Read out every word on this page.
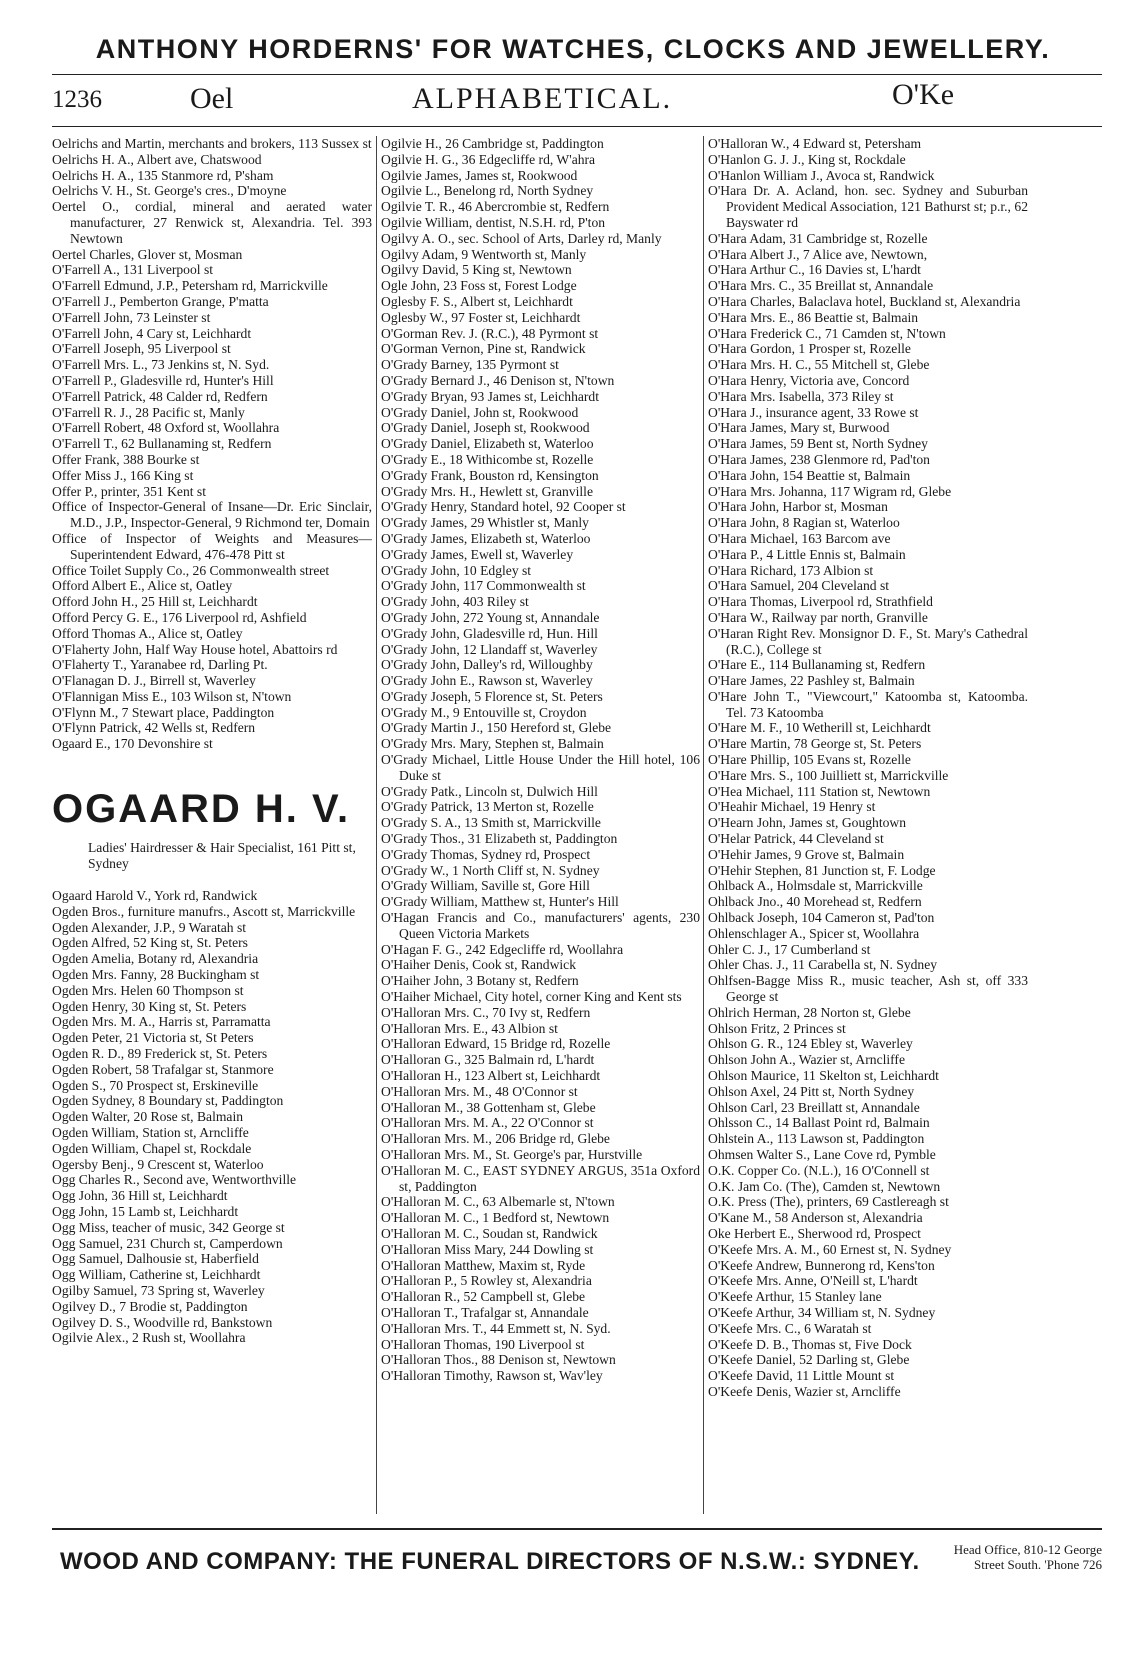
ANTHONY HORDERNS' FOR WATCHES, CLOCKS AND JEWELLERY.
1236	Oel	ALPHABETICAL.	O'Ke
Oelrichs and Martin, merchants and brokers, 113 Sussex st
Oelrichs H. A., Albert ave, Chatswood
Oelrichs H. A., 135 Stanmore rd, P'sham
Oelrichs V. H., St. George's cres., D'moyne
Oertel O., cordial, mineral and aerated water manufacturer, 27 Renwick st, Alexandria. Tel. 393 Newtown
Oertel Charles, Glover st, Mosman
O'Farrell A., 131 Liverpool st
O'Farrell Edmund, J.P., Petersham rd, Marrickville
O'Farrell J., Pemberton Grange, P'matta
O'Farrell John, 73 Leinster st
O'Farrell John, 4 Cary st, Leichhardt
O'Farrell Joseph, 95 Liverpool st
O'Farrell Mrs. L., 73 Jenkins st, N. Syd.
O'Farrell P., Gladesville rd, Hunter's Hill
O'Farrell Patrick, 48 Calder rd, Redfern
O'Farrell R. J., 28 Pacific st, Manly
O'Farrell Robert, 48 Oxford st, Woollahra
O'Farrell T., 62 Bullanaming st, Redfern
Offer Frank, 388 Bourke st
Offer Miss J., 166 King st
Offer P., printer, 351 Kent st
Office of Inspector-General of Insane—Dr. Eric Sinclair, M.D., J.P., Inspector-General, 9 Richmond ter, Domain
Office of Inspector of Weights and Measures—Superintendent Edward, 476-478 Pitt st
Office Toilet Supply Co., 26 Commonwealth street
Offord Albert E., Alice st, Oatley
Offord John H., 25 Hill st, Leichhardt
Offord Percy G. E., 176 Liverpool rd, Ashfield
Offord Thomas A., Alice st, Oatley
O'Flaherty John, Half Way House hotel, Abattoirs rd
O'Flaherty T., Yaranabee rd, Darling Pt.
O'Flanagan D. J., Birrell st, Waverley
O'Flannigan Miss E., 103 Wilson st, N'town
O'Flynn M., 7 Stewart place, Paddington
O'Flynn Patrick, 42 Wells st, Redfern
Ogaard E., 170 Devonshire st
OGAARD H. V.
Ladies' Hairdresser & Hair Specialist, 161 Pitt st, Sydney
Ogaard Harold V., York rd, Randwick
Ogden Bros., furniture manufrs., Ascott st, Marrickville
Ogden Alexander, J.P., 9 Waratah st
Ogden Alfred, 52 King st, St. Peters
Ogden Amelia, Botany rd, Alexandria
Ogden Mrs. Fanny, 28 Buckingham st
Ogden Mrs. Helen 60 Thompson st
Ogden Henry, 30 King st, St. Peters
Ogden Mrs. M. A., Harris st, Parramatta
Ogden Peter, 21 Victoria st, St Peters
Ogden R. D., 89 Frederick st, St. Peters
Ogden Robert, 58 Trafalgar st, Stanmore
Ogden S., 70 Prospect st, Erskineville
Ogden Sydney, 8 Boundary st, Paddington
Ogden Walter, 20 Rose st, Balmain
Ogden William, Station st, Arncliffe
Ogden William, Chapel st, Rockdale
Ogersby Benj., 9 Crescent st, Waterloo
Ogg Charles R., Second ave, Wentworthville
Ogg John, 36 Hill st, Leichhardt
Ogg John, 15 Lamb st, Leichhardt
Ogg Miss, teacher of music, 342 George st
Ogg Samuel, 231 Church st, Camperdown
Ogg Samuel, Dalhousie st, Haberfield
Ogg William, Catherine st, Leichhardt
Ogilby Samuel, 73 Spring st, Waverley
Ogilvey D., 7 Brodie st, Paddington
Ogilvey D. S., Woodville rd, Bankstown
Ogilvie Alex., 2 Rush st, Woollahra
Ogilvie H., 26 Cambridge st, Paddington
Ogilvie H. G., 36 Edgecliffe rd, W'ahra
Ogilvie James, James st, Rookwood
Ogilvie L., Benelong rd, North Sydney
Ogilvie T. R., 46 Abercrombie st, Redfern
Ogilvie William, dentist, N.S.H. rd, P'ton
Ogilvy A. O., sec. School of Arts, Darley rd, Manly
Ogilvy Adam, 9 Wentworth st, Manly
Ogilvy David, 5 King st, Newtown
Ogle John, 23 Foss st, Forest Lodge
Oglesby F. S., Albert st, Leichhardt
Oglesby W., 97 Foster st, Leichhardt
O'Gorman Rev. J. (R.C.), 48 Pyrmont st
O'Gorman Vernon, Pine st, Randwick
O'Grady Barney, 135 Pyrmont st
O'Grady Bernard J., 46 Denison st, N'town
O'Grady Bryan, 93 James st, Leichhardt
O'Grady Daniel, John st, Rookwood
O'Grady Daniel, Joseph st, Rookwood
O'Grady Daniel, Elizabeth st, Waterloo
O'Grady E., 18 Withicombe st, Rozelle
O'Grady Frank, Bouston rd, Kensington
O'Grady Mrs. H., Hewlett st, Granville
O'Grady Henry, Standard hotel, 92 Cooper st
O'Grady James, 29 Whistler st, Manly
O'Grady James, Elizabeth st, Waterloo
O'Grady James, Ewell st, Waverley
O'Grady John, 10 Edgley st
O'Grady John, 117 Commonwealth st
O'Grady John, 403 Riley st
O'Grady John, 272 Young st, Annandale
O'Grady John, Gladesville rd, Hun. Hill
O'Grady John, 12 Llandaff st, Waverley
O'Grady John, Dalley's rd, Willoughby
O'Grady John E., Rawson st, Waverley
O'Grady Joseph, 5 Florence st, St. Peters
O'Grady M., 9 Entouville st, Croydon
O'Grady Martin J., 150 Hereford st, Glebe
O'Grady Mrs. Mary, Stephen st, Balmain
O'Grady Michael, Little House Under the Hill hotel, 106 Duke st
O'Grady Patk., Lincoln st, Dulwich Hill
O'Grady Patrick, 13 Merton st, Rozelle
O'Grady S. A., 13 Smith st, Marrickville
O'Grady Thos., 31 Elizabeth st, Paddington
O'Grady Thomas, Sydney rd, Prospect
O'Grady W., 1 North Cliff st, N. Sydney
O'Grady William, Saville st, Gore Hill
O'Grady William, Matthew st, Hunter's Hill
O'Hagan Francis and Co., manufacturers' agents, 230 Queen Victoria Markets
O'Hagan F. G., 242 Edgecliffe rd, Woollahra
O'Haiher Denis, Cook st, Randwick
O'Haiher John, 3 Botany st, Redfern
O'Haiher Michael, City hotel, corner King and Kent sts
O'Halloran Mrs. C., 70 Ivy st, Redfern
O'Halloran Mrs. E., 43 Albion st
O'Halloran Edward, 15 Bridge rd, Rozelle
O'Halloran G., 325 Balmain rd, L'hardt
O'Halloran H., 123 Albert st, Leichhardt
O'Halloran Mrs. M., 48 O'Connor st
O'Halloran M., 38 Gottenham st, Glebe
O'Halloran Mrs. M. A., 22 O'Connor st
O'Halloran Mrs. M., 206 Bridge rd, Glebe
O'Halloran Mrs. M., St. George's par, Hurstville
O'Halloran M. C., EAST SYDNEY ARGUS, 351a Oxford st, Paddington
O'Halloran M. C., 63 Albemarle st, N'town
O'Halloran M. C., 1 Bedford st, Newtown
O'Halloran M. C., Soudan st, Randwick
O'Halloran Miss Mary, 244 Dowling st
O'Halloran Matthew, Maxim st, Ryde
O'Halloran P., 5 Rowley st, Alexandria
O'Halloran R., 52 Campbell st, Glebe
O'Halloran T., Trafalgar st, Annandale
O'Halloran Mrs. T., 44 Emmett st, N. Syd.
O'Halloran Thomas, 190 Liverpool st
O'Halloran Thos., 88 Denison st, Newtown
O'Halloran Timothy, Rawson st, Wav'ley
O'Halloran W., 4 Edward st, Petersham
O'Hanlon G. J. J., King st, Rockdale
O'Hanlon William J., Avoca st, Randwick
O'Hara Dr. A. Acland, hon. sec. Sydney and Suburban Provident Medical Association, 121 Bathurst st; p.r., 62 Bayswater rd
O'Hara Adam, 31 Cambridge st, Rozelle
O'Hara Albert J., 7 Alice ave, Newtown,
O'Hara Arthur C., 16 Davies st, L'hardt
O'Hara Mrs. C., 35 Breillat st, Annandale
O'Hara Charles, Balaclava hotel, Buckland st, Alexandria
O'Hara Mrs. E., 86 Beattie st, Balmain
O'Hara Frederick C., 71 Camden st, N'town
O'Hara Gordon, 1 Prosper st, Rozelle
O'Hara Mrs. H. C., 55 Mitchell st, Glebe
O'Hara Henry, Victoria ave, Concord
O'Hara Mrs. Isabella, 373 Riley st
O'Hara J., insurance agent, 33 Rowe st
O'Hara James, Mary st, Burwood
O'Hara James, 59 Bent st, North Sydney
O'Hara James, 238 Glenmore rd, Pad'ton
O'Hara John, 154 Beattie st, Balmain
O'Hara Mrs. Johanna, 117 Wigram rd, Glebe
O'Hara John, Harbor st, Mosman
O'Hara John, 8 Ragian st, Waterloo
O'Hara Michael, 163 Barcom ave
O'Hara P., 4 Little Ennis st, Balmain
O'Hara Richard, 173 Albion st
O'Hara Samuel, 204 Cleveland st
O'Hara Thomas, Liverpool rd, Strathfield
O'Hara W., Railway par north, Granville
O'Haran Right Rev. Monsignor D. F., St. Mary's Cathedral (R.C.), College st
O'Hare E., 114 Bullanaming st, Redfern
O'Hare James, 22 Pashley st, Balmain
O'Hare John T., "Viewcourt," Katoomba st, Katoomba. Tel. 73 Katoomba
O'Hare M. F., 10 Wetherill st, Leichhardt
O'Hare Martin, 78 George st, St. Peters
O'Hare Phillip, 105 Evans st, Rozelle
O'Hare Mrs. S., 100 Juilliett st, Marrickville
O'Hea Michael, 111 Station st, Newtown
O'Heahir Michael, 19 Henry st
O'Hearn John, James st, Goughtown
O'Helar Patrick, 44 Cleveland st
O'Hehir James, 9 Grove st, Balmain
O'Hehir Stephen, 81 Junction st, F. Lodge
Ohlback A., Holmsdale st, Marrickville
Ohlback Jno., 40 Morehead st, Redfern
Ohlback Joseph, 104 Cameron st, Pad'ton
Ohlenschlager A., Spicer st, Woollahra
Ohler C. J., 17 Cumberland st
Ohler Chas. J., 11 Carabella st, N. Sydney
Ohlfsen-Bagge Miss R., music teacher, Ash st, off 333 George st
Ohlrich Herman, 28 Norton st, Glebe
Ohlson Fritz, 2 Princes st
Ohlson G. R., 124 Ebley st, Waverley
Ohlson John A., Wazier st, Arncliffe
Ohlson Maurice, 11 Skelton st, Leichhardt
Ohlson Axel, 24 Pitt st, North Sydney
Ohlson Carl, 23 Breillatt st, Annandale
Ohlsson C., 14 Ballast Point rd, Balmain
Ohlstein A., 113 Lawson st, Paddington
Ohmsen Walter S., Lane Cove rd, Pymble
O.K. Copper Co. (N.L.), 16 O'Connell st
O.K. Jam Co. (The), Camden st, Newtown
O.K. Press (The), printers, 69 Castlereagh st
O'Kane M., 58 Anderson st, Alexandria
Oke Herbert E., Sherwood rd, Prospect
O'Keefe Mrs. A. M., 60 Ernest st, N. Sydney
O'Keefe Andrew, Bunnerong rd, Kens'ton
O'Keefe Mrs. Anne, O'Neill st, L'hardt
O'Keefe Arthur, 15 Stanley lane
O'Keefe Arthur, 34 William st, N. Sydney
O'Keefe Mrs. C., 6 Waratah st
O'Keefe D. B., Thomas st, Five Dock
O'Keefe Daniel, 52 Darling st, Glebe
O'Keefe David, 11 Little Mount st
O'Keefe Denis, Wazier st, Arncliffe
WOOD AND COMPANY: THE FUNERAL DIRECTORS OF N.S.W.: SYDNEY.	Head Office, 810-12 George
Street South. 'Phone 726
